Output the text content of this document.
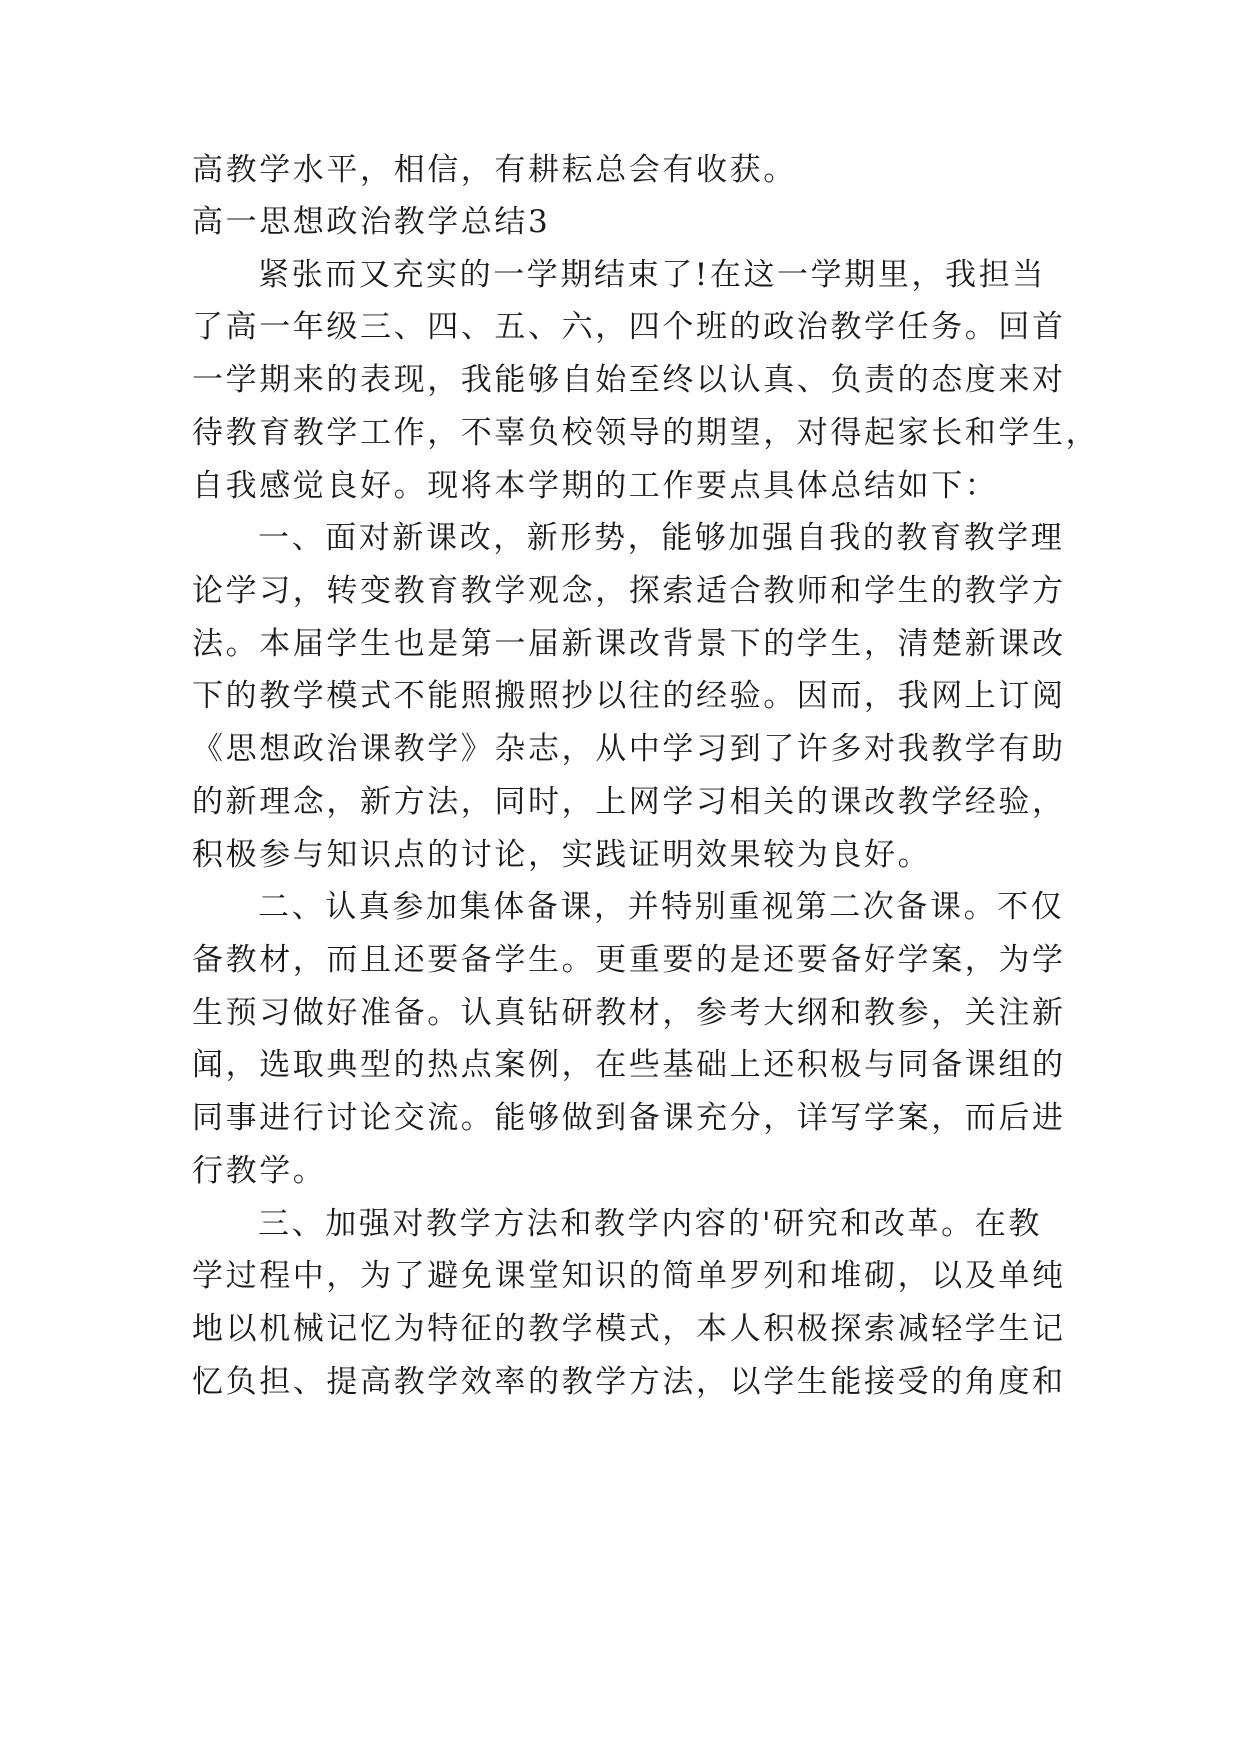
高教学水平，相信，有耕耘总会有收获。
高一思想政治教学总结3
紧张而又充实的一学期结束了!在这一学期里，我担当
了高一年级三、四、五、六，四个班的政治教学任务。回首
一学期来的表现，我能够自始至终以认真、负责的态度来对
待教育教学工作，不辜负校领导的期望，对得起家长和学生，
自我感觉良好。现将本学期的工作要点具体总结如下：
一、面对新课改，新形势，能够加强自我的教育教学理
论学习，转变教育教学观念，探索适合教师和学生的教学方
法。本届学生也是第一届新课改背景下的学生，清楚新课改
下的教学模式不能照搬照抄以往的经验。因而，我网上订阅
《思想政治课教学》杂志，从中学习到了许多对我教学有助
的新理念，新方法，同时，上网学习相关的课改教学经验，
积极参与知识点的讨论，实践证明效果较为良好。
二、认真参加集体备课，并特别重视第二次备课。不仅
备教材，而且还要备学生。更重要的是还要备好学案，为学
生预习做好准备。认真钻研教材，参考大纲和教参，关注新
闻，选取典型的热点案例，在些基础上还积极与同备课组的
同事进行讨论交流。能够做到备课充分，详写学案，而后进
行教学。
三、加强对教学方法和教学内容的'研究和改革。在教
学过程中，为了避免课堂知识的简单罗列和堆砌，以及单纯
地以机械记忆为特征的教学模式，本人积极探索减轻学生记
忆负担、提高教学效率的教学方法，以学生能接受的角度和
